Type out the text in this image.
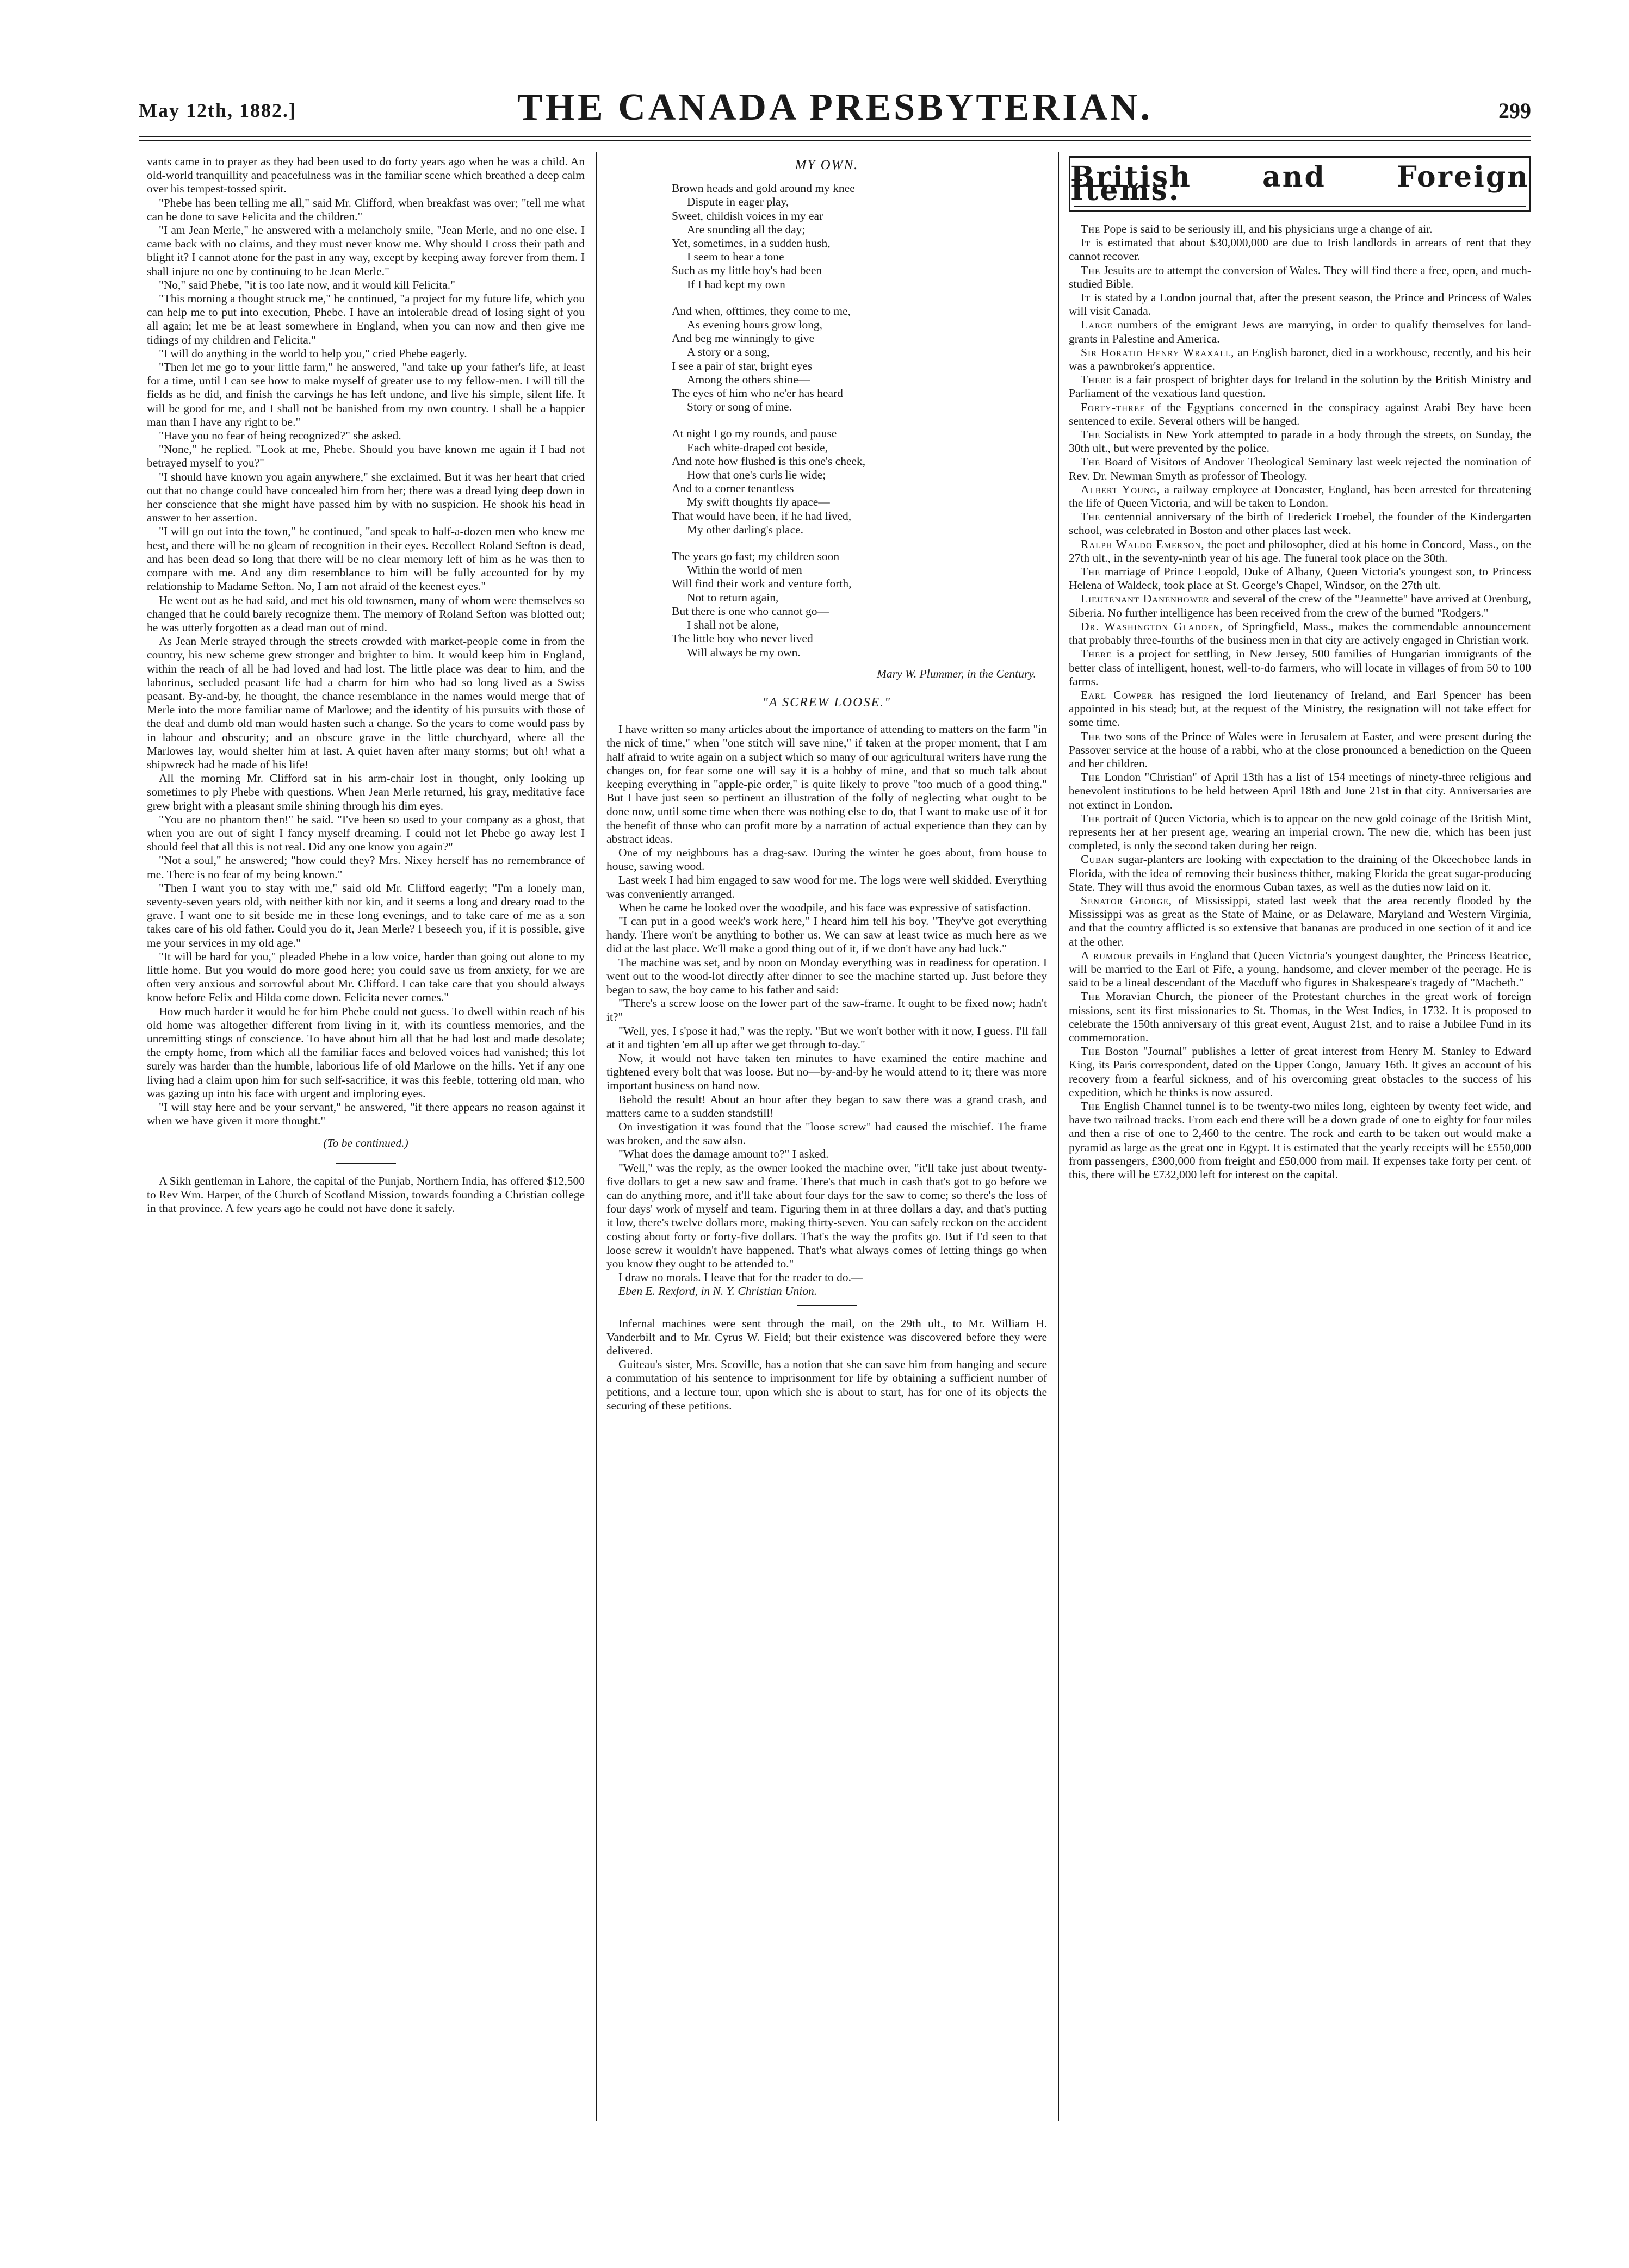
May 12th, 1882.]	THE CANADA PRESBYTERIAN.	299

vants came in to prayer as they had been used to do forty years ago when he was a child. An old-world tranquillity and peacefulness was in the familiar scene which breathed a deep calm over his tempest-tossed spirit.

"Phebe has been telling me all," said Mr. Clifford, when breakfast was over; "tell me what can be done to save Felicita and the children."

"I am Jean Merle," he answered with a melancholy smile, "Jean Merle, and no one else. I came back with no claims, and they must never know me. Why should I cross their path and blight it? I cannot atone for the past in any way, except by keeping away forever from them. I shall injure no one by continuing to be Jean Merle."

"No," said Phebe, "it is too late now, and it would kill Felicita."

"This morning a thought struck me," he continued, "a project for my future life, which you can help me to put into execution, Phebe. I have an intolerable dread of losing sight of you all again; let me be at least somewhere in England, when you can now and then give me tidings of my children and Felicita."

"I will do anything in the world to help you," cried Phebe eagerly.

"Then let me go to your little farm," he answered, "and take up your father's life, at least for a time, until I can see how to make myself of greater use to my fellow-men. I will till the fields as he did, and finish the carvings he has left undone, and live his simple, silent life. It will be good for me, and I shall not be banished from my own country. I shall be a happier man than I have any right to be."

"Have you no fear of being recognized?" she asked.

"None," he replied. "Look at me, Phebe. Should you have known me again if I had not betrayed myself to you?"

"I should have known you again anywhere," she exclaimed. But it was her heart that cried out that no change could have concealed him from her; there was a dread lying deep down in her conscience that she might have passed him by with no suspicion. He shook his head in answer to her assertion.

"I will go out into the town," he continued, "and speak to half-a-dozen men who knew me best, and there will be no gleam of recognition in their eyes. Recollect Roland Sefton is dead, and has been dead so long that there will be no clear memory left of him as he was then to compare with me. And any dim resemblance to him will be fully accounted for by my relationship to Madame Sefton. No, I am not afraid of the keenest eyes."

He went out as he had said, and met his old townsmen, many of whom were themselves so changed that he could barely recognize them. The memory of Roland Sefton was blotted out; he was utterly forgotten as a dead man out of mind.

As Jean Merle strayed through the streets crowded with market-people come in from the country, his new scheme grew stronger and brighter to him. It would keep him in England, within the reach of all he had loved and had lost. The little place was dear to him, and the laborious, secluded peasant life had a charm for him who had so long lived as a Swiss peasant. By-and-by, he thought, the chance resemblance in the names would merge that of Merle into the more familiar name of Marlowe; and the identity of his pursuits with those of the deaf and dumb old man would hasten such a change. So the years to come would pass by in labour and obscurity; and an obscure grave in the little churchyard, where all the Marlowes lay, would shelter him at last. A quiet haven after many storms; but oh! what a shipwreck had he made of his life!

All the morning Mr. Clifford sat in his arm-chair lost in thought, only looking up sometimes to ply Phebe with questions. When Jean Merle returned, his gray, meditative face grew bright with a pleasant smile shining through his dim eyes.

"You are no phantom then!" he said. "I've been so used to your company as a ghost, that when you are out of sight I fancy myself dreaming. I could not let Phebe go away lest I should feel that all this is not real. Did any one know you again?"

"Not a soul," he answered; "how could they? Mrs. Nixey herself has no remembrance of me. There is no fear of my being known."

"Then I want you to stay with me," said old Mr. Clifford eagerly; "I'm a lonely man, seventy-seven years old, with neither kith nor kin, and it seems a long and dreary road to the grave. I want one to sit beside me in these long evenings, and to take care of me as a son takes care of his old father. Could you do it, Jean Merle? I beseech you, if it is possible, give me your services in my old age."

"It will be hard for you," pleaded Phebe in a low voice, harder than going out alone to my little home. But you would do more good here; you could save us from anxiety, for we are often very anxious and sorrowful about Mr. Clifford. I can take care that you should always know before Felix and Hilda come down. Felicita never comes."

How much harder it would be for him Phebe could not guess. To dwell within reach of his old home was altogether different from living in it, with its countless memories, and the unremitting stings of conscience. To have about him all that he had lost and made desolate; the empty home, from which all the familiar faces and beloved voices had vanished; this lot surely was harder than the humble, laborious life of old Marlowe on the hills. Yet if any one living had a claim upon him for such self-sacrifice, it was this feeble, tottering old man, who was gazing up into his face with urgent and imploring eyes.

"I will stay here and be your servant," he answered, "if there appears no reason against it when we have given it more thought."

(To be continued.)

A Sikh gentleman in Lahore, the capital of the Punjab, Northern India, has offered $12,500 to Rev Wm. Harper, of the Church of Scotland Mission, towards founding a Christian college in that province. A few years ago he could not have done it safely.

MY OWN.
Brown heads and gold around my knee
Dispute in eager play,
Sweet, childish voices in my ear
Are sounding all the day;
Yet, sometimes, in a sudden hush,
I seem to hear a tone
Such as my little boy's had been
If I had kept my own
And when, ofttimes, they come to me,
As evening hours grow long,
And beg me winningly to give
A story or a song,
I see a pair of star, bright eyes
Among the others shine—
The eyes of him who ne'er has heard
Story or song of mine.
At night I go my rounds, and pause
Each white-draped cot beside,
And note how flushed is this one's cheek,
How that one's curls lie wide;
And to a corner tenantless
My swift thoughts fly apace—
That would have been, if he had lived,
My other darling's place.
The years go fast; my children soon
Within the world of men
Will find their work and venture forth,
Not to return again,
But there is one who cannot go—
I shall not be alone,
The little boy who never lived
Will always be my own.
Mary W. Plummer, in the Century.
"A SCREW LOOSE."

I have written so many articles about the importance of attending to matters on the farm "in the nick of time," when "one stitch will save nine," if taken at the proper moment, that I am half afraid to write again on a subject which so many of our agricultural writers have rung the changes on, for fear some one will say it is a hobby of mine, and that so much talk about keeping everything in "apple-pie order," is quite likely to prove "too much of a good thing." But I have just seen so pertinent an illustration of the folly of neglecting what ought to be done now, until some time when there was nothing else to do, that I want to make use of it for the benefit of those who can profit more by a narration of actual experience than they can by abstract ideas.

One of my neighbours has a drag-saw. During the winter he goes about, from house to house, sawing wood.

Last week I had him engaged to saw wood for me. The logs were well skidded. Everything was conveniently arranged.

When he came he looked over the woodpile, and his face was expressive of satisfaction.

"I can put in a good week's work here," I heard him tell his boy. "They've got everything handy. There won't be anything to bother us. We can saw at least twice as much here as we did at the last place. We'll make a good thing out of it, if we don't have any bad luck."

The machine was set, and by noon on Monday everything was in readiness for operation. I went out to the wood-lot directly after dinner to see the machine started up. Just before they began to saw, the boy came to his father and said:

"There's a screw loose on the lower part of the saw-frame. It ought to be fixed now; hadn't it?"

"Well, yes, I s'pose it had," was the reply. "But we won't bother with it now, I guess. I'll fall at it and tighten 'em all up after we get through to-day."

Now, it would not have taken ten minutes to have examined the entire machine and tightened every bolt that was loose. But no—by-and-by he would attend to it; there was more important business on hand now.

Behold the result! About an hour after they began to saw there was a grand crash, and matters came to a sudden standstill!

On investigation it was found that the "loose screw" had caused the mischief. The frame was broken, and the saw also.

"What does the damage amount to?" I asked.

"Well," was the reply, as the owner looked the machine over, "it'll take just about twenty-five dollars to get a new saw and frame. There's that much in cash that's got to go before we can do anything more, and it'll take about four days for the saw to come; so there's the loss of four days' work of myself and team. Figuring them in at three dollars a day, and that's putting it low, there's twelve dollars more, making thirty-seven. You can safely reckon on the accident costing about forty or forty-five dollars. That's the way the profits go. But if I'd seen to that loose screw it wouldn't have happened. That's what always comes of letting things go when you know they ought to be attended to."

I draw no morals. I leave that for the reader to do.—

Eben E. Rexford, in N. Y. Christian Union.

Infernal machines were sent through the mail, on the 29th ult., to Mr. William H. Vanderbilt and to Mr. Cyrus W. Field; but their existence was discovered before they were delivered.

Guiteau's sister, Mrs. Scoville, has a notion that she can save him from hanging and secure a commutation of his sentence to imprisonment for life by obtaining a sufficient number of petitions, and a lecture tour, upon which she is about to start, has for one of its objects the securing of these petitions.

British and Foreign Items.

The Pope is said to be seriously ill, and his physicians urge a change of air.

It is estimated that about $30,000,000 are due to Irish landlords in arrears of rent that they cannot recover.

The Jesuits are to attempt the conversion of Wales. They will find there a free, open, and much-studied Bible.

It is stated by a London journal that, after the present season, the Prince and Princess of Wales will visit Canada.

Large numbers of the emigrant Jews are marrying, in order to qualify themselves for land-grants in Palestine and America.

Sir Horatio Henry Wraxall, an English baronet, died in a workhouse, recently, and his heir was a pawnbroker's apprentice.

There is a fair prospect of brighter days for Ireland in the solution by the British Ministry and Parliament of the vexatious land question.

Forty-three of the Egyptians concerned in the conspiracy against Arabi Bey have been sentenced to exile. Several others will be hanged.

The Socialists in New York attempted to parade in a body through the streets, on Sunday, the 30th ult., but were prevented by the police.

The Board of Visitors of Andover Theological Seminary last week rejected the nomination of Rev. Dr. Newman Smyth as professor of Theology.

Albert Young, a railway employee at Doncaster, England, has been arrested for threatening the life of Queen Victoria, and will be taken to London.

The centennial anniversary of the birth of Frederick Froebel, the founder of the Kindergarten school, was celebrated in Boston and other places last week.

Ralph Waldo Emerson, the poet and philosopher, died at his home in Concord, Mass., on the 27th ult., in the seventy-ninth year of his age. The funeral took place on the 30th.

The marriage of Prince Leopold, Duke of Albany, Queen Victoria's youngest son, to Princess Helena of Waldeck, took place at St. George's Chapel, Windsor, on the 27th ult.

Lieutenant Danenhower and several of the crew of the "Jeannette" have arrived at Orenburg, Siberia. No further intelligence has been received from the crew of the burned "Rodgers."

Dr. Washington Gladden, of Springfield, Mass., makes the commendable announcement that probably three-fourths of the business men in that city are actively engaged in Christian work.

There is a project for settling, in New Jersey, 500 families of Hungarian immigrants of the better class of intelligent, honest, well-to-do farmers, who will locate in villages of from 50 to 100 farms.

Earl Cowper has resigned the lord lieutenancy of Ireland, and Earl Spencer has been appointed in his stead; but, at the request of the Ministry, the resignation will not take effect for some time.

The two sons of the Prince of Wales were in Jerusalem at Easter, and were present during the Passover service at the house of a rabbi, who at the close pronounced a benediction on the Queen and her children.

The London "Christian" of April 13th has a list of 154 meetings of ninety-three religious and benevolent institutions to be held between April 18th and June 21st in that city. Anniversaries are not extinct in London.

The portrait of Queen Victoria, which is to appear on the new gold coinage of the British Mint, represents her at her present age, wearing an imperial crown. The new die, which has been just completed, is only the second taken during her reign.

Cuban sugar-planters are looking with expectation to the draining of the Okeechobee lands in Florida, with the idea of removing their business thither, making Florida the great sugar-producing State. They will thus avoid the enormous Cuban taxes, as well as the duties now laid on it.

Senator George, of Mississippi, stated last week that the area recently flooded by the Mississippi was as great as the State of Maine, or as Delaware, Maryland and Western Virginia, and that the country afflicted is so extensive that bananas are produced in one section of it and ice at the other.

A rumour prevails in England that Queen Victoria's youngest daughter, the Princess Beatrice, will be married to the Earl of Fife, a young, handsome, and clever member of the peerage. He is said to be a lineal descendant of the Macduff who figures in Shakespeare's tragedy of "Macbeth."

The Moravian Church, the pioneer of the Protestant churches in the great work of foreign missions, sent its first missionaries to St. Thomas, in the West Indies, in 1732. It is proposed to celebrate the 150th anniversary of this great event, August 21st, and to raise a Jubilee Fund in its commemoration.

The Boston "Journal" publishes a letter of great interest from Henry M. Stanley to Edward King, its Paris correspondent, dated on the Upper Congo, January 16th. It gives an account of his recovery from a fearful sickness, and of his overcoming great obstacles to the success of his expedition, which he thinks is now assured.

The English Channel tunnel is to be twenty-two miles long, eighteen by twenty feet wide, and have two railroad tracks. From each end there will be a down grade of one to eighty for four miles and then a rise of one to 2,460 to the centre. The rock and earth to be taken out would make a pyramid as large as the great one in Egypt. It is estimated that the yearly receipts will be £550,000 from passengers, £300,000 from freight and £50,000 from mail. If expenses take forty per cent. of this, there will be £732,000 left for interest on the capital.
